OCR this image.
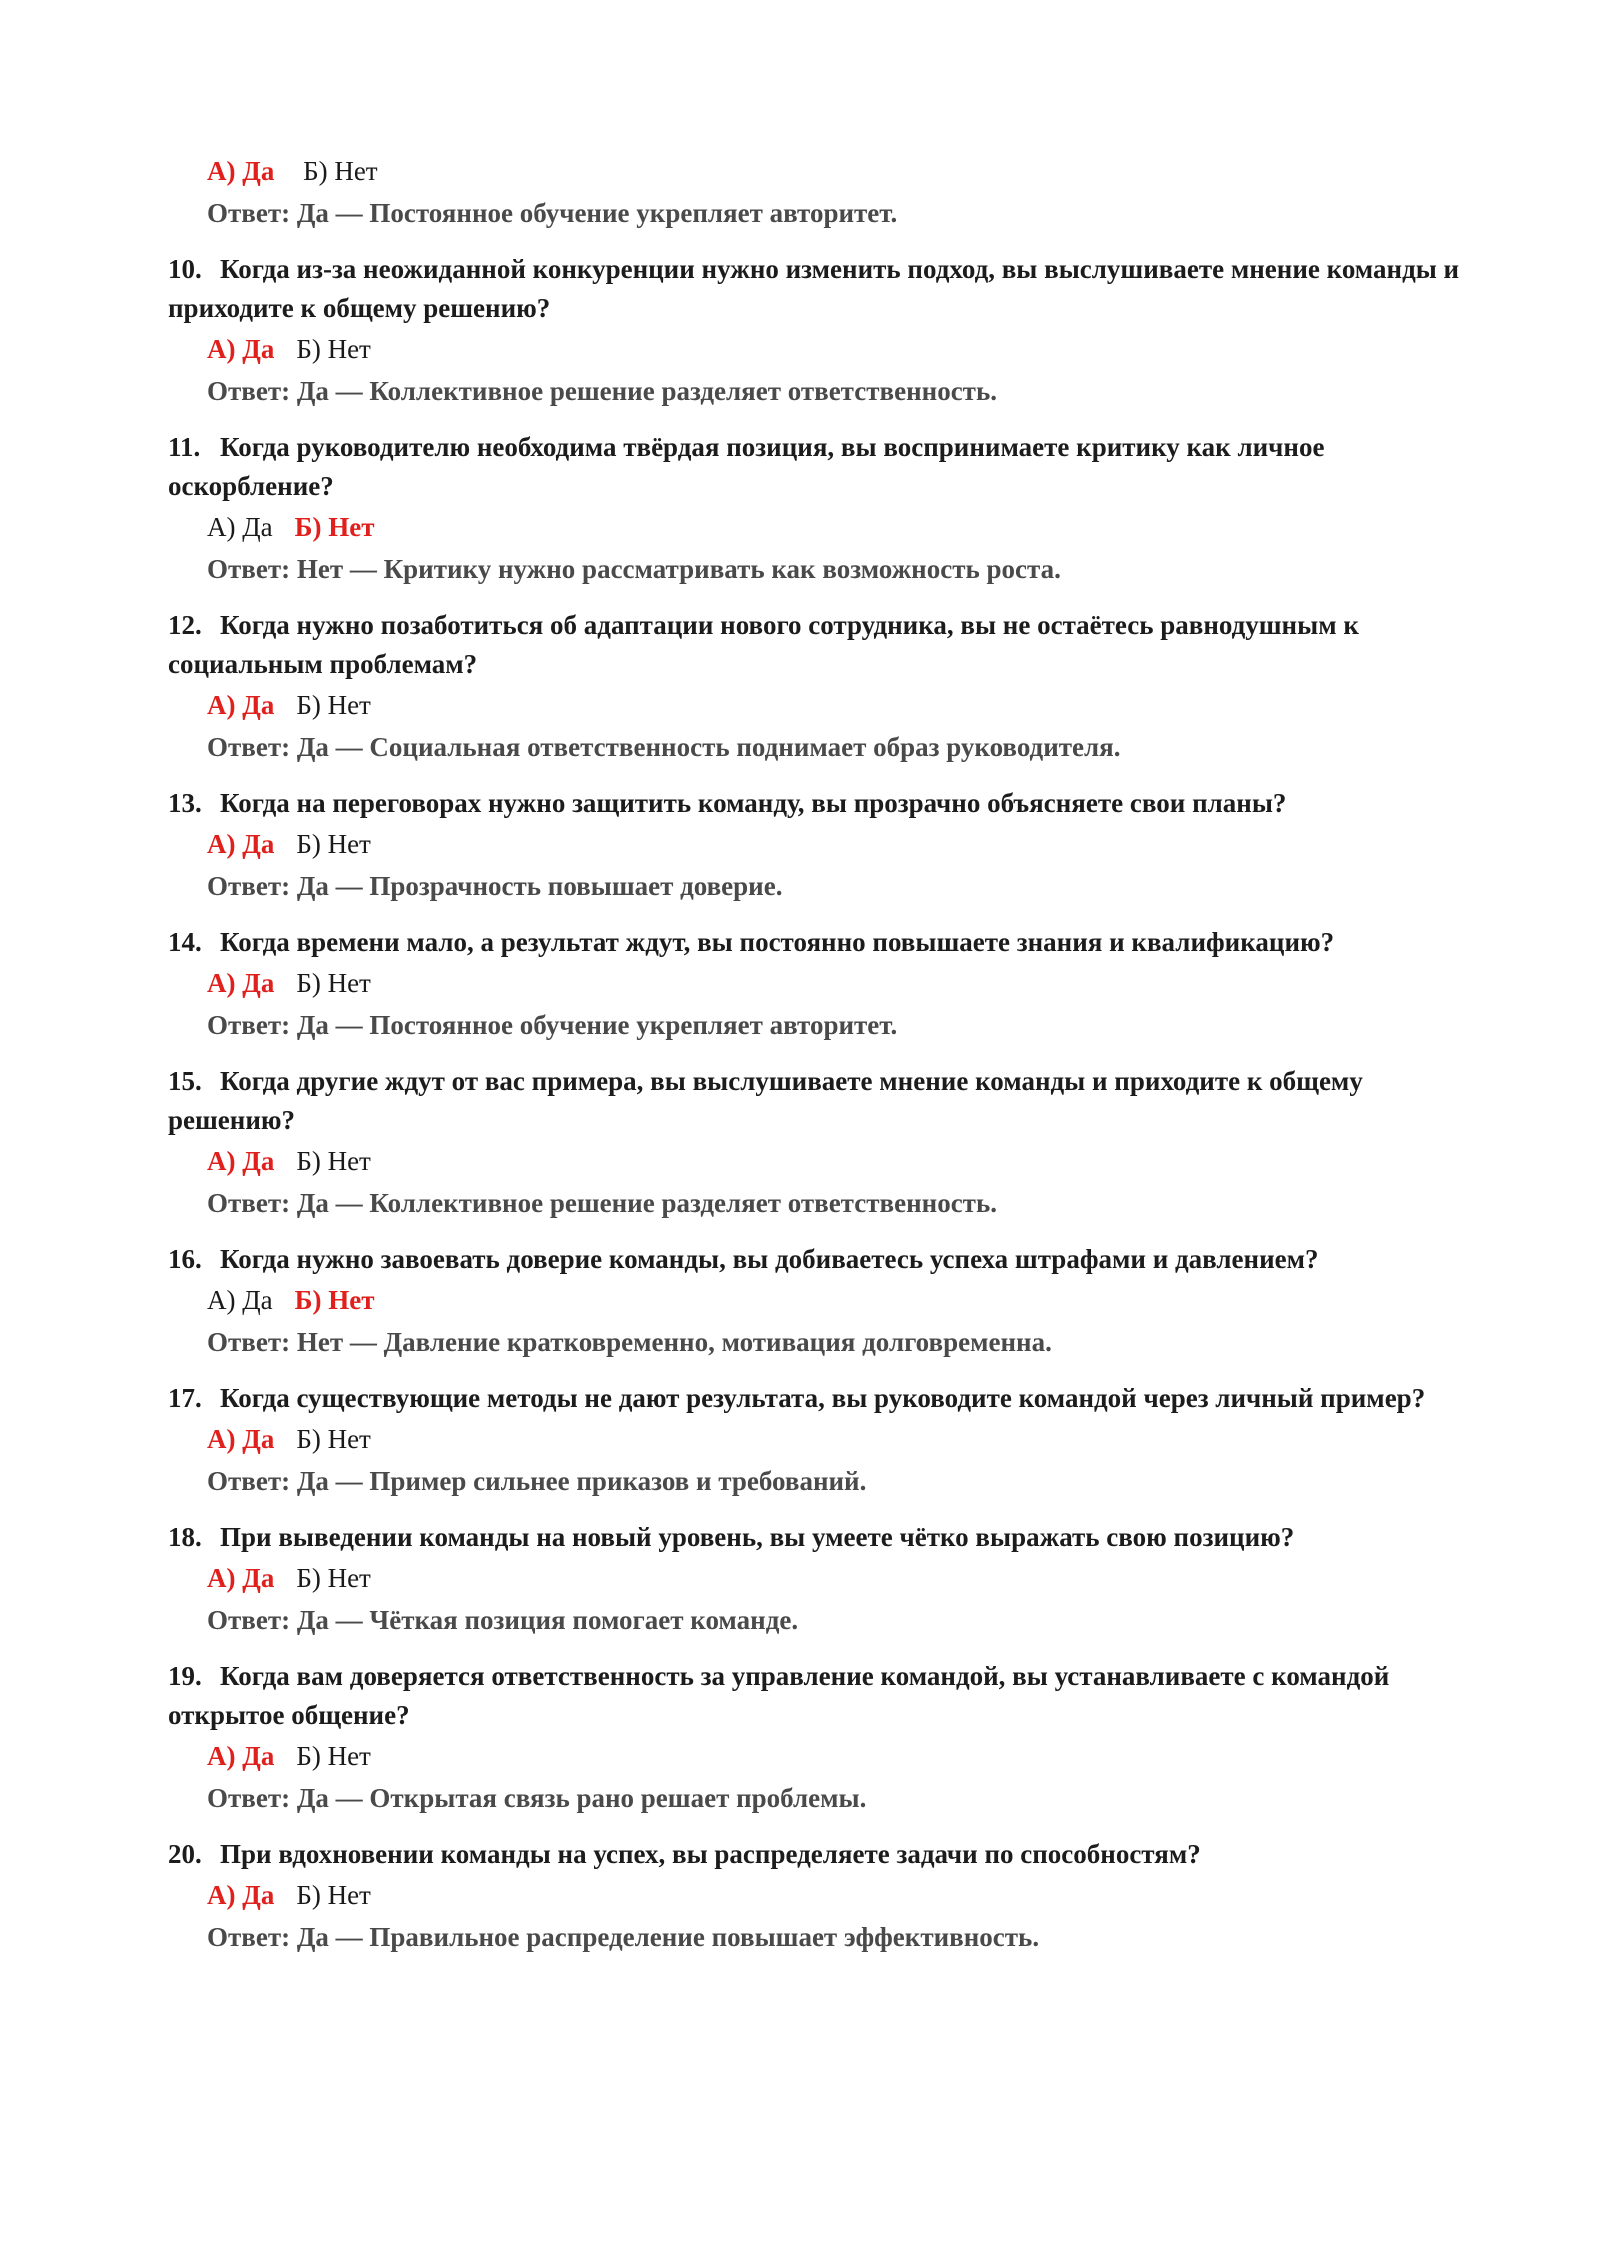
А) Да Б) Нет
Ответ: Да — Постоянное обучение укрепляет авторитет.

10. Когда из-за неожиданной конкуренции нужно изменить подход, вы выслушиваете мнение команды и приходите к общему решению?

А) Да Б) Нет
Ответ: Да — Коллективное решение разделяет ответственность.

11. Когда руководителю необходима твёрдая позиция, вы воспринимаете критику как личное оскорбление?

А) Да Б) Нет
Ответ: Нет — Критику нужно рассматривать как возможность роста.

12. Когда нужно позаботиться об адаптации нового сотрудника, вы не остаётесь равнодушным к социальным проблемам?

А) Да Б) Нет
Ответ: Да — Социальная ответственность поднимает образ руководителя.

13. Когда на переговорах нужно защитить команду, вы прозрачно объясняете свои планы?

А) Да Б) Нет
Ответ: Да — Прозрачность повышает доверие.

14. Когда времени мало, а результат ждут, вы постоянно повышаете знания и квалификацию?

А) Да Б) Нет
Ответ: Да — Постоянное обучение укрепляет авторитет.

15. Когда другие ждут от вас примера, вы выслушиваете мнение команды и приходите к общему решению?

А) Да Б) Нет
Ответ: Да — Коллективное решение разделяет ответственность.

16. Когда нужно завоевать доверие команды, вы добиваетесь успеха штрафами и давлением?

А) Да Б) Нет
Ответ: Нет — Давление кратковременно, мотивация долговременна.

17. Когда существующие методы не дают результата, вы руководите командой через личный пример?

А) Да Б) Нет
Ответ: Да — Пример сильнее приказов и требований.

18. При выведении команды на новый уровень, вы умеете чётко выражать свою позицию?

А) Да Б) Нет
Ответ: Да — Чёткая позиция помогает команде.

19. Когда вам доверяется ответственность за управление командой, вы устанавливаете с командой открытое общение?

А) Да Б) Нет
Ответ: Да — Открытая связь рано решает проблемы.

20. При вдохновении команды на успех, вы распределяете задачи по способностям?

А) Да Б) Нет
Ответ: Да — Правильное распределение повышает эффективность.
